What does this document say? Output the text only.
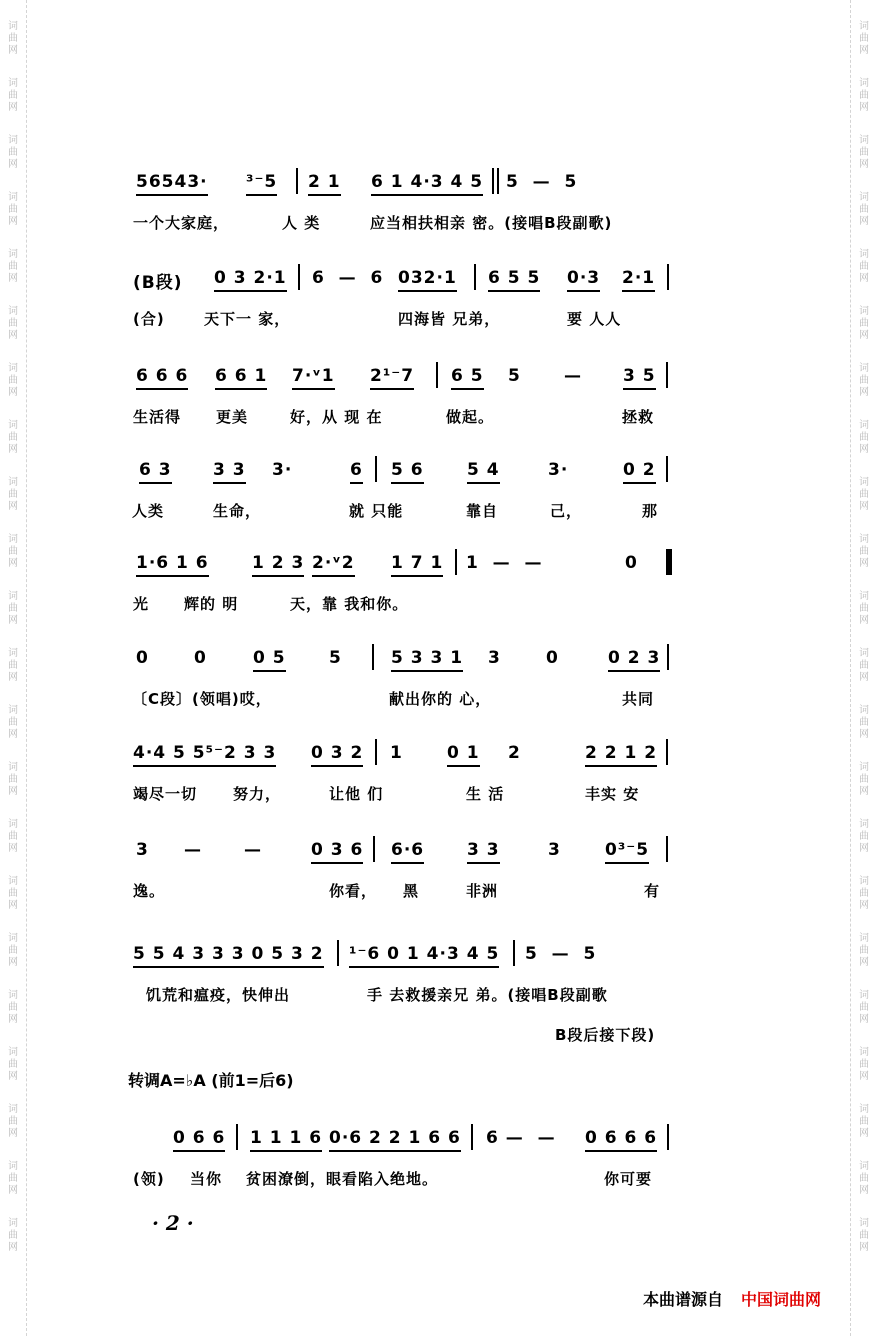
词曲网
词曲网
词曲网
词曲网
词曲网
词曲网
词曲网
词曲网
词曲网
词曲网
词曲网
词曲网
词曲网
词曲网
词曲网
词曲网
词曲网
词曲网
词曲网
词曲网
词曲网
词曲网
词曲网
词曲网
词曲网
词曲网
词曲网
词曲网
词曲网
词曲网
词曲网
词曲网
词曲网
词曲网
词曲网
词曲网
词曲网
词曲网
词曲网
词曲网
词曲网
词曲网
词曲网
词曲网
56543· ³⁻5 2 1 6 1 4·3 4 5 5  —  5
一个大家庭，	人 类	应当相扶相亲 密。(接唱B段副歌)
(B段) 0 3 2·1 6  —  6 032·1 6 5 5 0·3 2·1
(合)	天下一 家，	四海皆 兄弟，	要 人人
6 6 6 6 6 1 7·ᵛ1 2¹⁻7 6 5 5	— 3 5
生活得 更美	好，从 现 在	做起。	拯救
6 3 3 3 3·	6 5 6	5 4	3·	0 2
人类	生命，	就 只能	靠自	己，	那
1·6 1 6	1 2 3 2·ᵛ2 1 7 1 1  —  —	0
光 辉的 明	天，靠 我和你。
0	0	0 5	5	5 3 3 1 3	0	0 2 3
〔C段〕(领唱)哎，	献出你的 心，	共同
4·4 5 5⁵⁻2 3 3 0 3 2 1	0 1 2	2 2 1 2
竭尽一切 努力，	让他 们	生 活	丰实 安
3 — —	0 3 6 6·6	3 3	3	0³⁻5
逸。	你看， 黑	非洲	有
5 5 4 3 3 3 0 5 3 2 ¹⁻6 0 1 4·3 4 5 5  —  5
饥荒和瘟疫，快伸出	手 去救援亲兄 弟。(接唱B段副歌
0 6 6 1 1 1 6 0·6 2 2 1 6 6 6 —  — 0 6 6 6
(领) 当你 贫困潦倒，眼看陷入绝地。	你可要
B段后接下段)
转调A=♭A (前1=后6)
· 2 ·
本曲谱源自 中国词曲网
